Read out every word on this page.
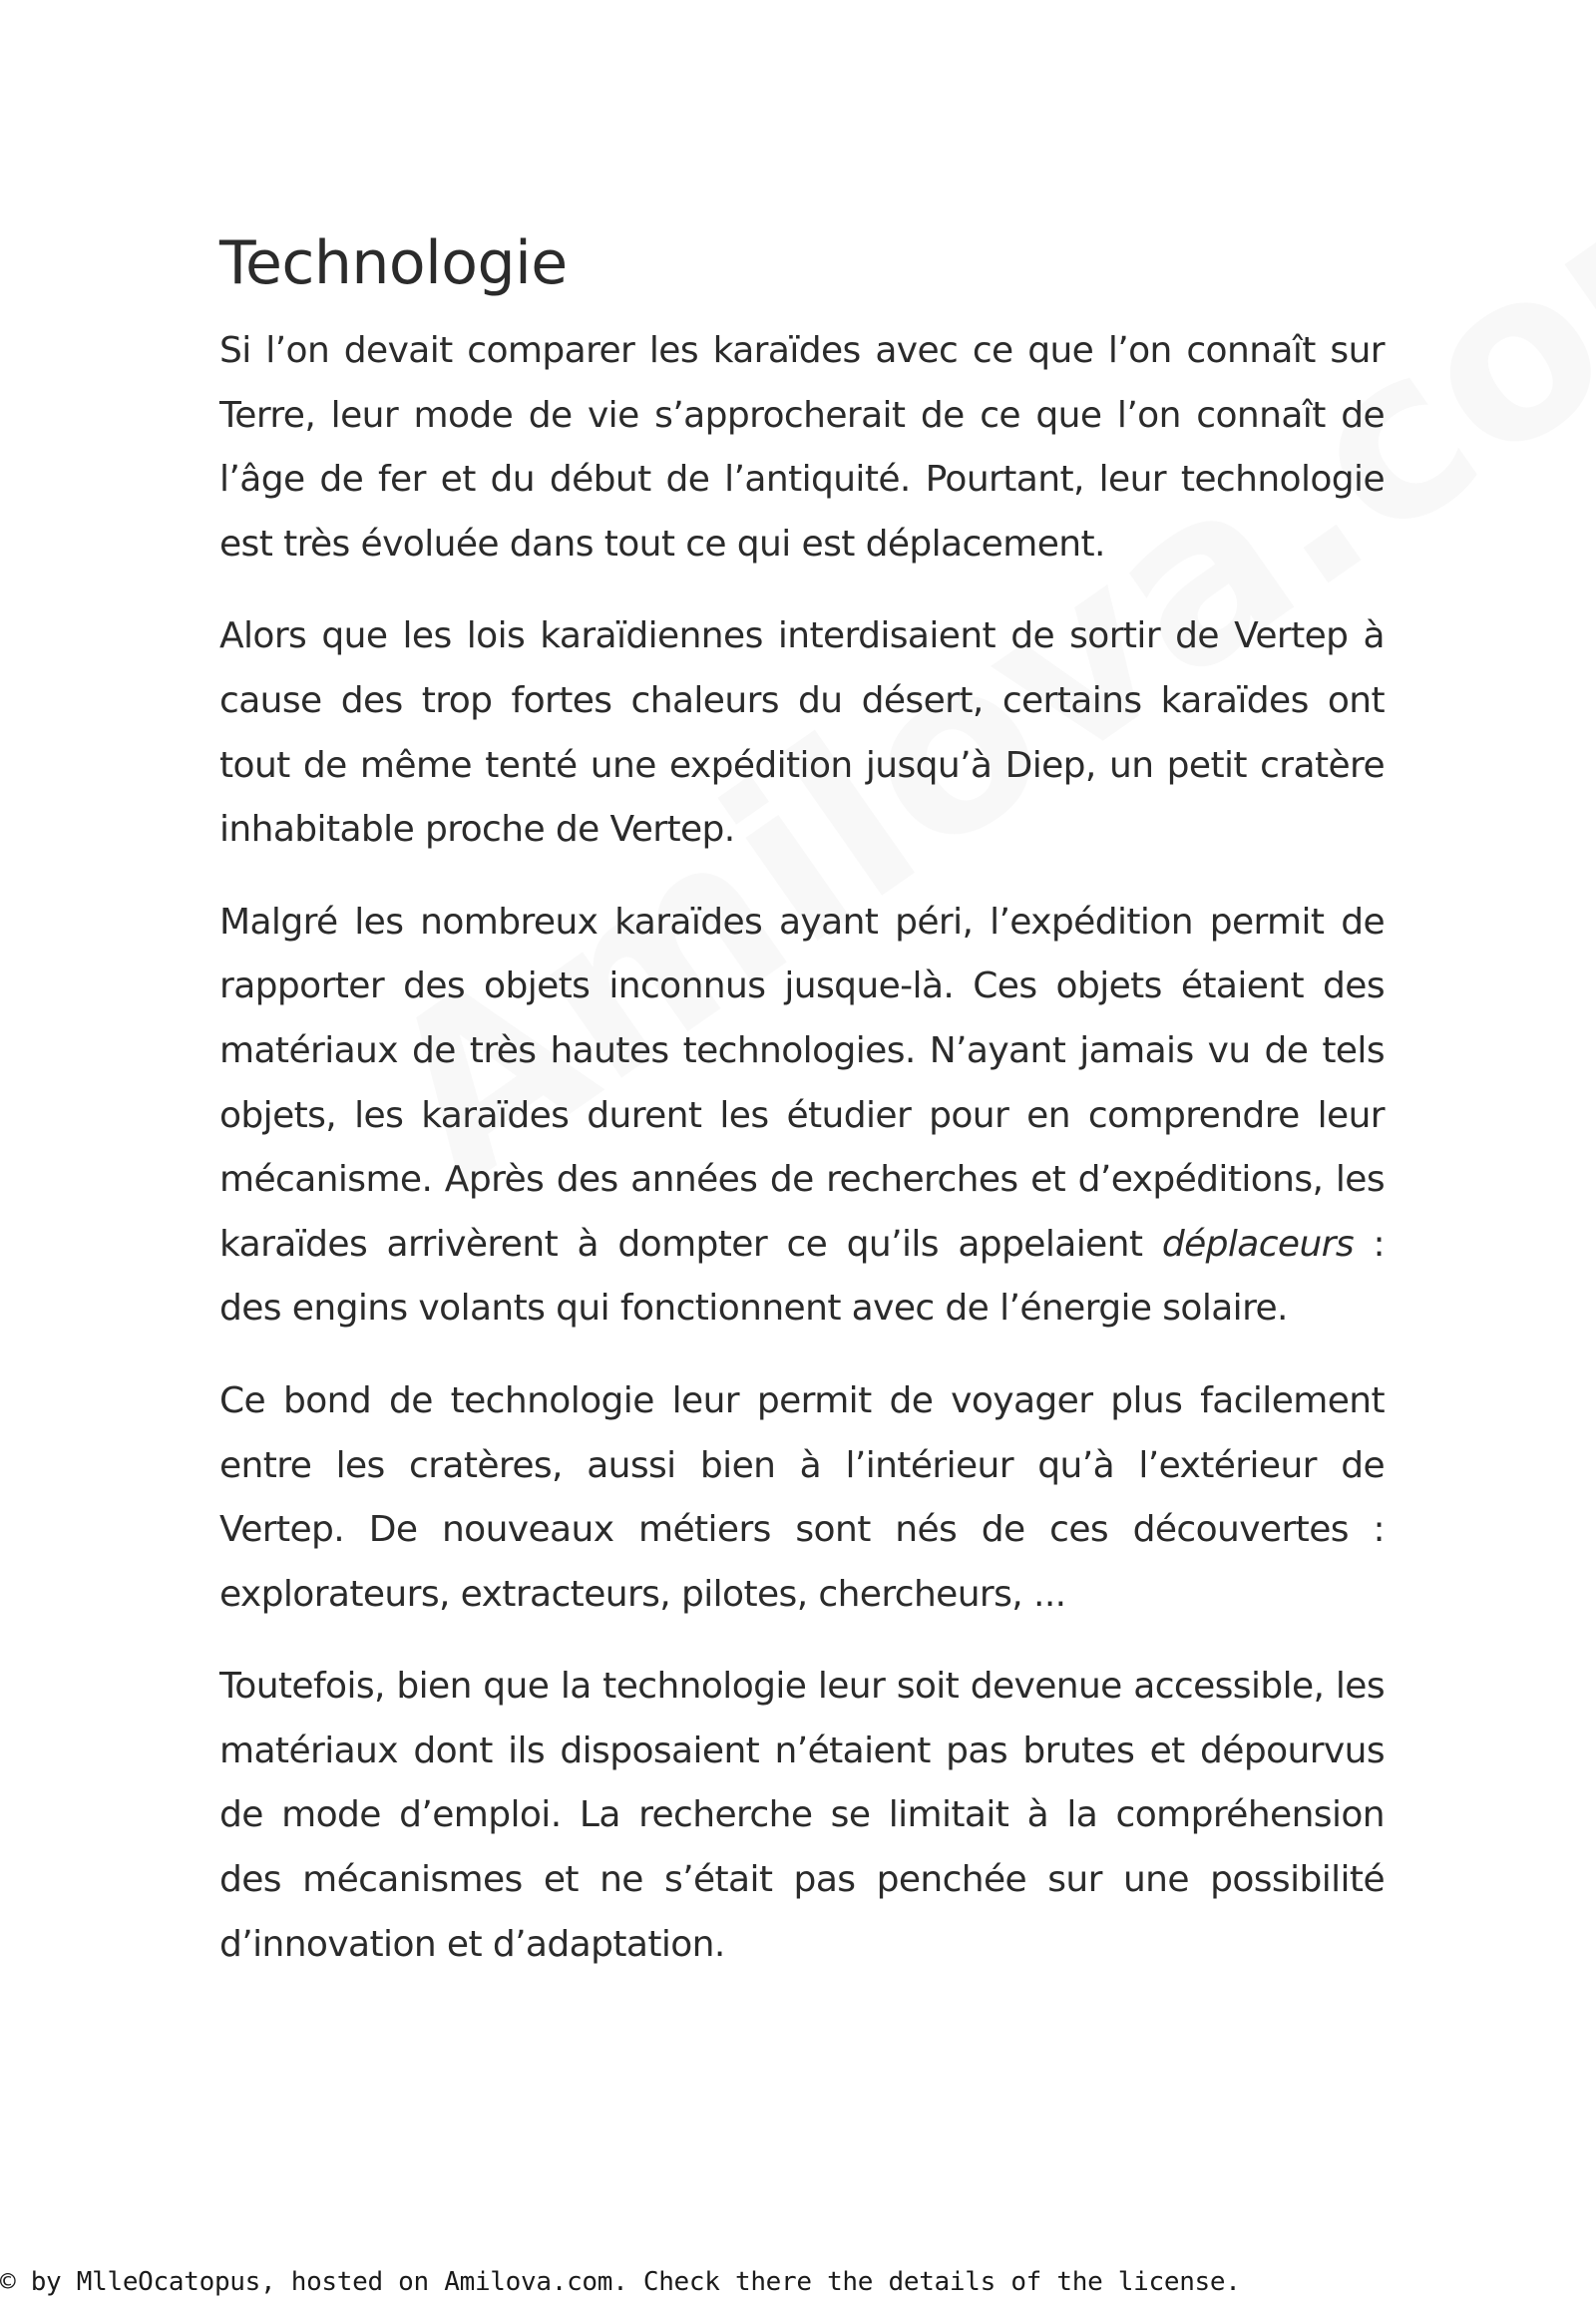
Technologie

Si l’on devait comparer les karaïdes avec ce que l’on connaît sur Terre, leur mode de vie s’approcherait de ce que l’on connaît de l’âge de fer et du début de l’antiquité. Pourtant, leur technologie est très évoluée dans tout ce qui est déplacement.

Alors que les lois karaïdiennes interdisaient de sortir de Vertep à cause des trop fortes chaleurs du désert, certains karaïdes ont tout de même tenté une expédition jusqu’à Diep, un petit cratère inhabitable proche de Vertep.

Malgré les nombreux karaïdes ayant péri, l’expédition permit de rapporter des objets inconnus jusque-là. Ces objets étaient des matériaux de très hautes technologies. N’ayant jamais vu de tels objets, les karaïdes durent les étudier pour en comprendre leur mécanisme. Après des années de recherches et d’expéditions, les karaïdes arrivèrent à dompter ce qu’ils appelaient déplaceurs : des engins volants qui fonctionnent avec de l’énergie solaire.

Ce bond de technologie leur permit de voyager plus facilement entre les cratères, aussi bien à l’intérieur qu’à l’extérieur de Vertep. De nouveaux métiers sont nés de ces découvertes : explorateurs, extracteurs, pilotes, chercheurs, ...

Toutefois, bien que la technologie leur soit devenue accessible, les matériaux dont ils disposaient n’étaient pas brutes et dépourvus de mode d’emploi. La recherche se limitait à la compréhension des mécanismes et ne s’était pas penchée sur une possibilité d’innovation et d’adaptation.

© by MlleOcatopus, hosted on Amilova.com. Check there the details of the license.
